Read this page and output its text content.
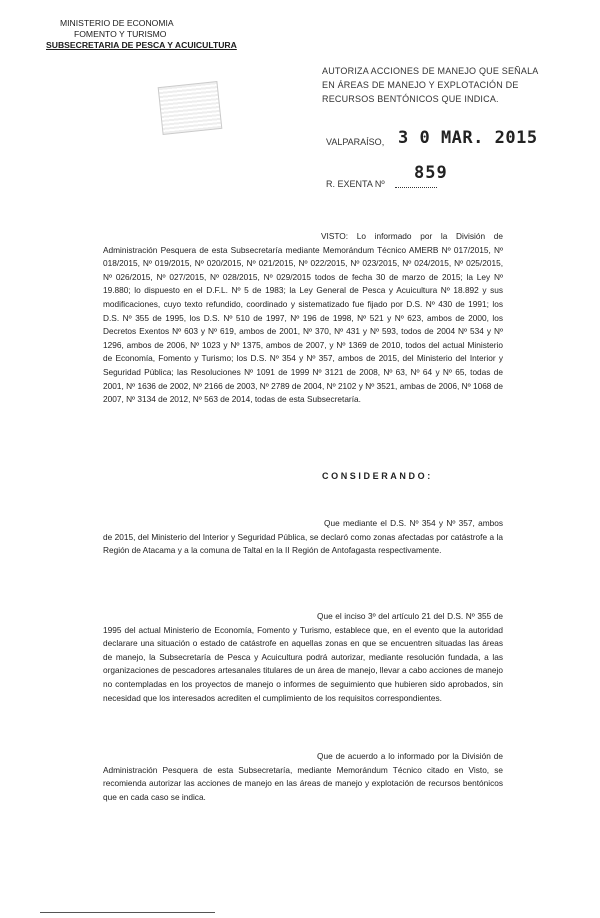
MINISTERIO DE ECONOMIA
FOMENTO Y TURISMO
SUBSECRETARIA DE PESCA Y ACUICULTURA
AUTORIZA ACCIONES DE MANEJO QUE SEÑALA EN ÁREAS DE MANEJO Y EXPLOTACIÓN DE RECURSOS BENTÓNICOS QUE INDICA.
VALPARAÍSO, 3 0 MAR. 2015
R. EXENTA Nº
859
VISTO: Lo informado por la División de Administración Pesquera de esta Subsecretaría mediante Memorándum Técnico AMERB Nº 017/2015, Nº 018/2015, Nº 019/2015, Nº 020/2015, Nº 021/2015, Nº 022/2015, Nº 023/2015, Nº 024/2015, Nº 025/2015, Nº 026/2015, Nº 027/2015, Nº 028/2015, Nº 029/2015 todos de fecha 30 de marzo de 2015; la Ley Nº 19.880; lo dispuesto en el D.F.L. Nº 5 de 1983; la Ley General de Pesca y Acuicultura Nº 18.892 y sus modificaciones, cuyo texto refundido, coordinado y sistematizado fue fijado por D.S. Nº 430 de 1991; los D.S. Nº 355 de 1995, los D.S. Nº 510 de 1997, Nº 196 de 1998, Nº 521 y Nº 623, ambos de 2000, los Decretos Exentos Nº 603 y Nº 619, ambos de 2001, Nº 370, Nº 431 y Nº 593, todos de 2004 Nº 534 y Nº 1296, ambos de 2006, Nº 1023 y Nº 1375, ambos de 2007, y Nº 1369 de 2010, todos del actual Ministerio de Economía, Fomento y Turismo; los D.S. Nº 354 y Nº 357, ambos de 2015, del Ministerio del Interior y Seguridad Pública; las Resoluciones Nº 1091 de 1999 Nº 3121 de 2008, Nº 63, Nº 64 y Nº 65, todas de 2001, Nº 1636 de 2002, Nº 2166 de 2003, Nº 2789 de 2004, Nº 2102 y Nº 3521, ambas de 2006, Nº 1068 de 2007, Nº 3134 de 2012, Nº 563 de 2014, todas de esta Subsecretaría.
CONSIDERANDO:
Que mediante el D.S. Nº 354 y Nº 357, ambos de 2015, del Ministerio del Interior y Seguridad Pública, se declaró como zonas afectadas por catástrofe a la Región de Atacama y a la comuna de Taltal en la II Región de Antofagasta respectivamente.
Que el inciso 3º del artículo 21 del D.S. Nº 355 de 1995 del actual Ministerio de Economía, Fomento y Turismo, establece que, en el evento que la autoridad declarare una situación o estado de catástrofe en aquellas zonas en que se encuentren situadas las áreas de manejo, la Subsecretaría de Pesca y Acuicultura podrá autorizar, mediante resolución fundada, a las organizaciones de pescadores artesanales titulares de un área de manejo, llevar a cabo acciones de manejo no contempladas en los proyectos de manejo o informes de seguimiento que hubieren sido aprobados, sin necesidad que los interesados acrediten el cumplimiento de los requisitos correspondientes.
Que de acuerdo a lo informado por la División de Administración Pesquera de esta Subsecretaría, mediante Memorándum Técnico citado en Visto, se recomienda autorizar las acciones de manejo en las áreas de manejo y explotación de recursos bentónicos que en cada caso se indica.
